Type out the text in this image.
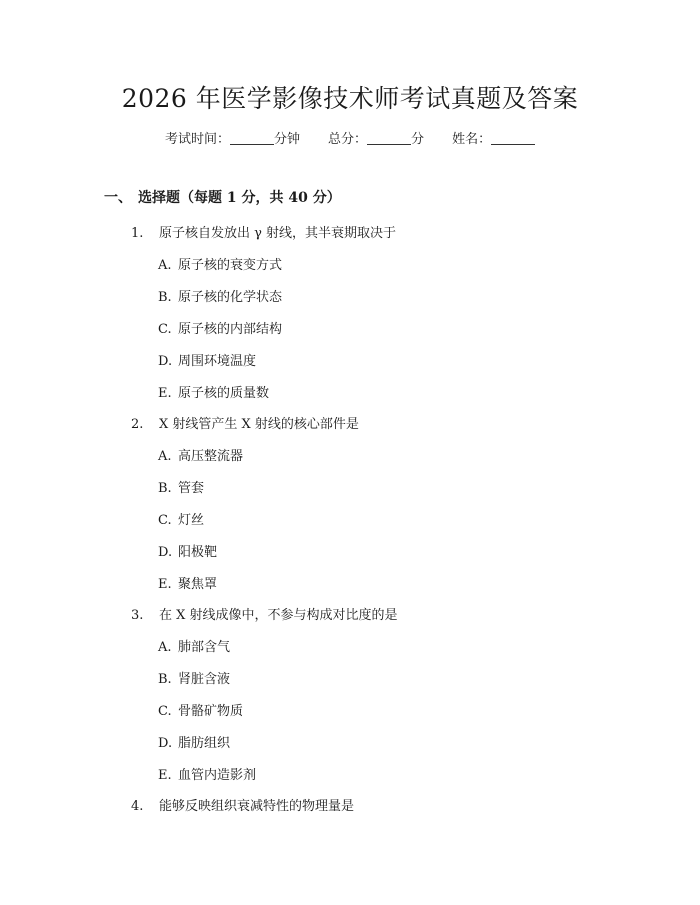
2026 年医学影像技术师考试真题及答案
考试时间：	分钟 总分：	分 姓名：
一、 选择题（每题 1 分，共 40 分）
1. 原子核自发放出 γ 射线，其半衰期取决于
A. 原子核的衰变方式
B. 原子核的化学状态
C. 原子核的内部结构
D. 周围环境温度
E. 原子核的质量数
2. X 射线管产生 X 射线的核心部件是
A. 高压整流器
B. 管套
C. 灯丝
D. 阳极靶
E. 聚焦罩
3. 在 X 射线成像中，不参与构成对比度的是
A. 肺部含气
B. 肾脏含液
C. 骨骼矿物质
D. 脂肪组织
E. 血管内造影剂
4. 能够反映组织衰减特性的物理量是
